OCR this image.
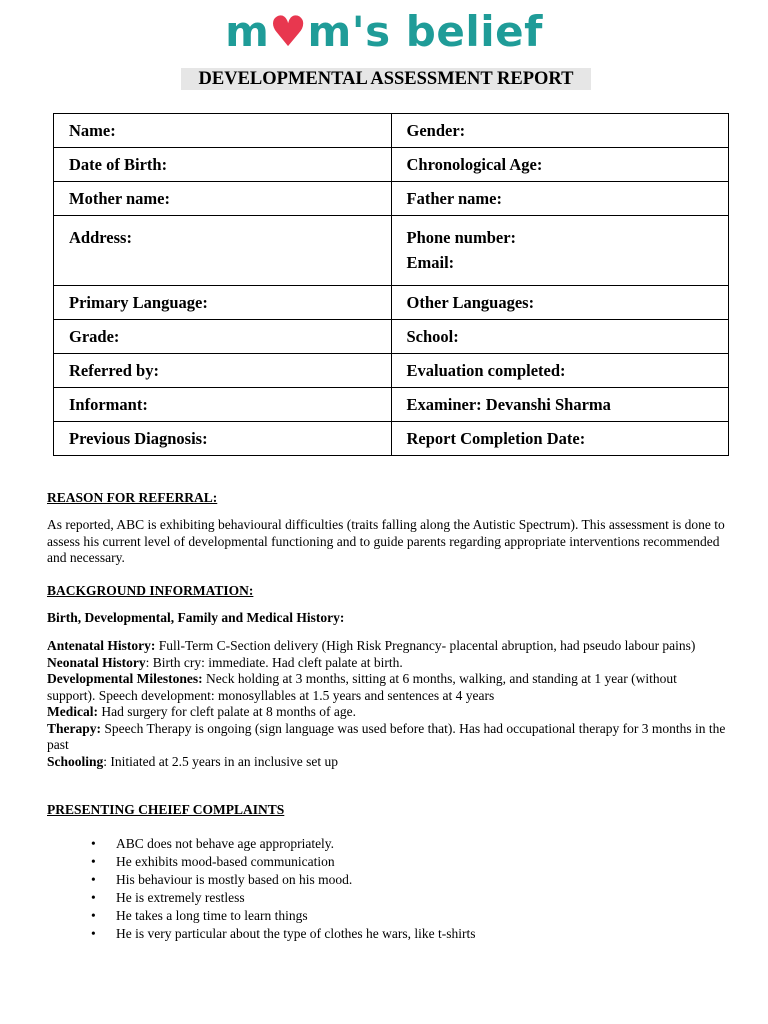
m♥m's belief
DEVELOPMENTAL ASSESSMENT REPORT
Name:	Gender:
Date of Birth:	Chronological Age:
Mother name:	Father name:
Address:	Phone number:
Email:

Primary Language:	Other Languages:
Grade:	School:
Referred by:	Evaluation completed:
Informant:	Examiner: Devanshi Sharma
Previous Diagnosis:	Report Completion Date:
REASON FOR REFERRAL:
As reported, ABC is exhibiting behavioural difficulties (traits falling along the Autistic Spectrum). This assessment is done to assess his current level of developmental functioning and to guide parents regarding appropriate interventions recommended and necessary.
BACKGROUND INFORMATION:
Birth, Developmental, Family and Medical History:
Antenatal History: Full-Term C-Section delivery (High Risk Pregnancy- placental abruption, had pseudo labour pains)
Neonatal History: Birth cry: immediate. Had cleft palate at birth.
Developmental Milestones: Neck holding at 3 months, sitting at 6 months, walking, and standing at 1 year (without support). Speech development: monosyllables at 1.5 years and sentences at 4 years
Medical: Had surgery for cleft palate at 8 months of age.
Therapy: Speech Therapy is ongoing (sign language was used before that). Has had occupational therapy for 3 months in the past
Schooling: Initiated at 2.5 years in an inclusive set up
PRESENTING CHEIEF COMPLAINTS
• ABC does not behave age appropriately.
• He exhibits mood-based communication
• His behaviour is mostly based on his mood.
• He is extremely restless
• He takes a long time to learn things
• He is very particular about the type of clothes he wars, like t-shirts
